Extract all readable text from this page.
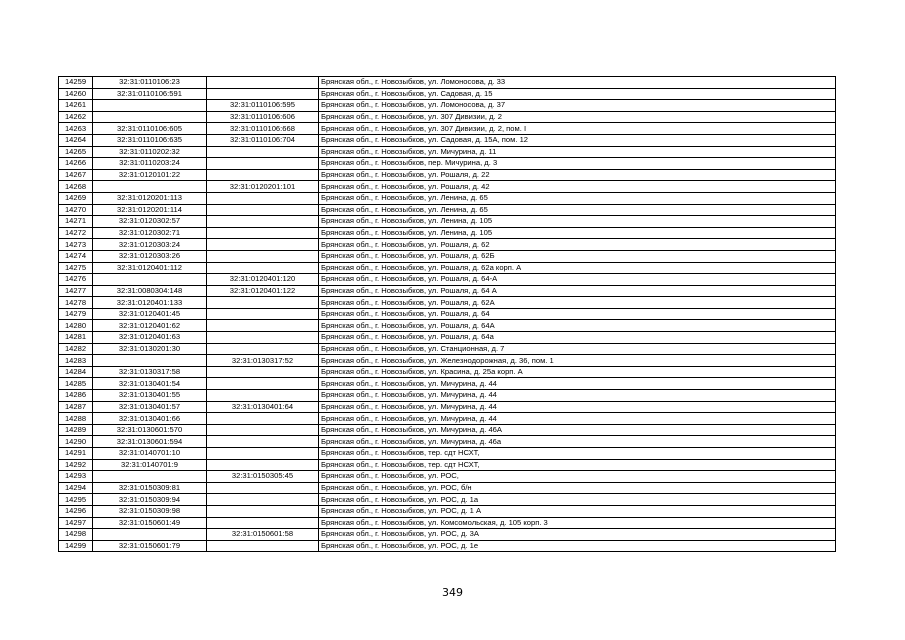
14259	32:31:0110106:23		Брянская обл., г. Новозыбков, ул. Ломоносова, д. 33
14260	32:31:0110106:591		Брянская обл., г. Новозыбков, ул. Садовая, д. 15
14261		32:31:0110106:595	Брянская обл., г. Новозыбков, ул. Ломоносова, д. 37
14262		32:31:0110106:606	Брянская обл., г. Новозыбков, ул. 307 Дивизии, д. 2
14263	32:31:0110106:605	32:31:0110106:668	Брянская обл., г. Новозыбков, ул. 307 Дивизии, д. 2, пом. I
14264	32:31:0110106:635	32:31:0110106:704	Брянская обл., г. Новозыбков, ул. Садовая, д. 15А, пом. 12
14265	32:31:0110202:32		Брянская обл., г. Новозыбков, ул. Мичурина, д. 11
14266	32:31:0110203:24		Брянская обл., г. Новозыбков, пер. Мичурина, д. 3
14267	32:31:0120101:22		Брянская обл., г. Новозыбков, ул. Рошаля, д. 22
14268		32:31:0120201:101	Брянская обл., г. Новозыбков, ул. Рошаля, д. 42
14269	32:31:0120201:113		Брянская обл., г. Новозыбков, ул. Ленина, д. 65
14270	32:31:0120201:114		Брянская обл., г. Новозыбков, ул. Ленина, д. 65
14271	32:31:0120302:57		Брянская обл., г. Новозыбков, ул. Ленина, д. 105
14272	32:31:0120302:71		Брянская обл., г. Новозыбков, ул. Ленина, д. 105
14273	32:31:0120303:24		Брянская обл., г. Новозыбков, ул. Рошаля, д. 62
14274	32:31:0120303:26		Брянская обл., г. Новозыбков, ул. Рошаля, д. 62Б
14275	32:31:0120401:112		Брянская обл., г. Новозыбков, ул. Рошаля, д. 62а корп. А
14276		32:31:0120401:120	Брянская обл., г. Новозыбков, ул. Рошаля, д. 64-А
14277	32:31:0080304:148	32:31:0120401:122	Брянская обл., г. Новозыбков, ул. Рошаля, д. 64 А
14278	32:31:0120401:133		Брянская обл., г. Новозыбков, ул. Рошаля, д. 62А
14279	32:31:0120401:45		Брянская обл., г. Новозыбков, ул. Рошаля, д. 64
14280	32:31:0120401:62		Брянская обл., г. Новозыбков, ул. Рошаля, д. 64А
14281	32:31:0120401:63		Брянская обл., г. Новозыбков, ул. Рошаля, д. 64а
14282	32:31:0130201:30		Брянская обл., г. Новозыбков, ул. Станционная, д. 7
14283		32:31:0130317:52	Брянская обл., г. Новозыбков, ул. Железнодорожная, д. 36, пом. 1
14284	32:31:0130317:58		Брянская обл., г. Новозыбков, ул. Красина, д. 25а корп. А
14285	32:31:0130401:54		Брянская обл., г. Новозыбков, ул. Мичурина, д. 44
14286	32:31:0130401:55		Брянская обл., г. Новозыбков, ул. Мичурина, д. 44
14287	32:31:0130401:57	32:31:0130401:64	Брянская обл., г. Новозыбков, ул. Мичурина, д. 44
14288	32:31:0130401:66		Брянская обл., г. Новозыбков, ул. Мичурина, д. 44
14289	32:31:0130601:570		Брянская обл., г. Новозыбков, ул. Мичурина, д. 46А
14290	32:31:0130601:594		Брянская обл., г. Новозыбков, ул. Мичурина, д. 46а
14291	32:31:0140701:10		Брянская обл., г. Новозыбков, тер. сдт НСХТ,
14292	32:31:0140701:9		Брянская обл., г. Новозыбков, тер. сдт НСХТ,
14293		32:31:0150305:45	Брянская обл., г. Новозыбков, ул. РОС,
14294	32:31:0150309:81		Брянская обл., г. Новозыбков, ул. РОС, б/н
14295	32:31:0150309:94		Брянская обл., г. Новозыбков, ул. РОС, д. 1а
14296	32:31:0150309:98		Брянская обл., г. Новозыбков, ул. РОС, д. 1 А
14297	32:31:0150601:49		Брянская обл., г. Новозыбков, ул. Комсомольская, д. 105 корп. 3
14298		32:31:0150601:58	Брянская обл., г. Новозыбков, ул. РОС, д. 3А
14299	32:31:0150601:79		Брянская обл., г. Новозыбков, ул. РОС, д. 1е
349
